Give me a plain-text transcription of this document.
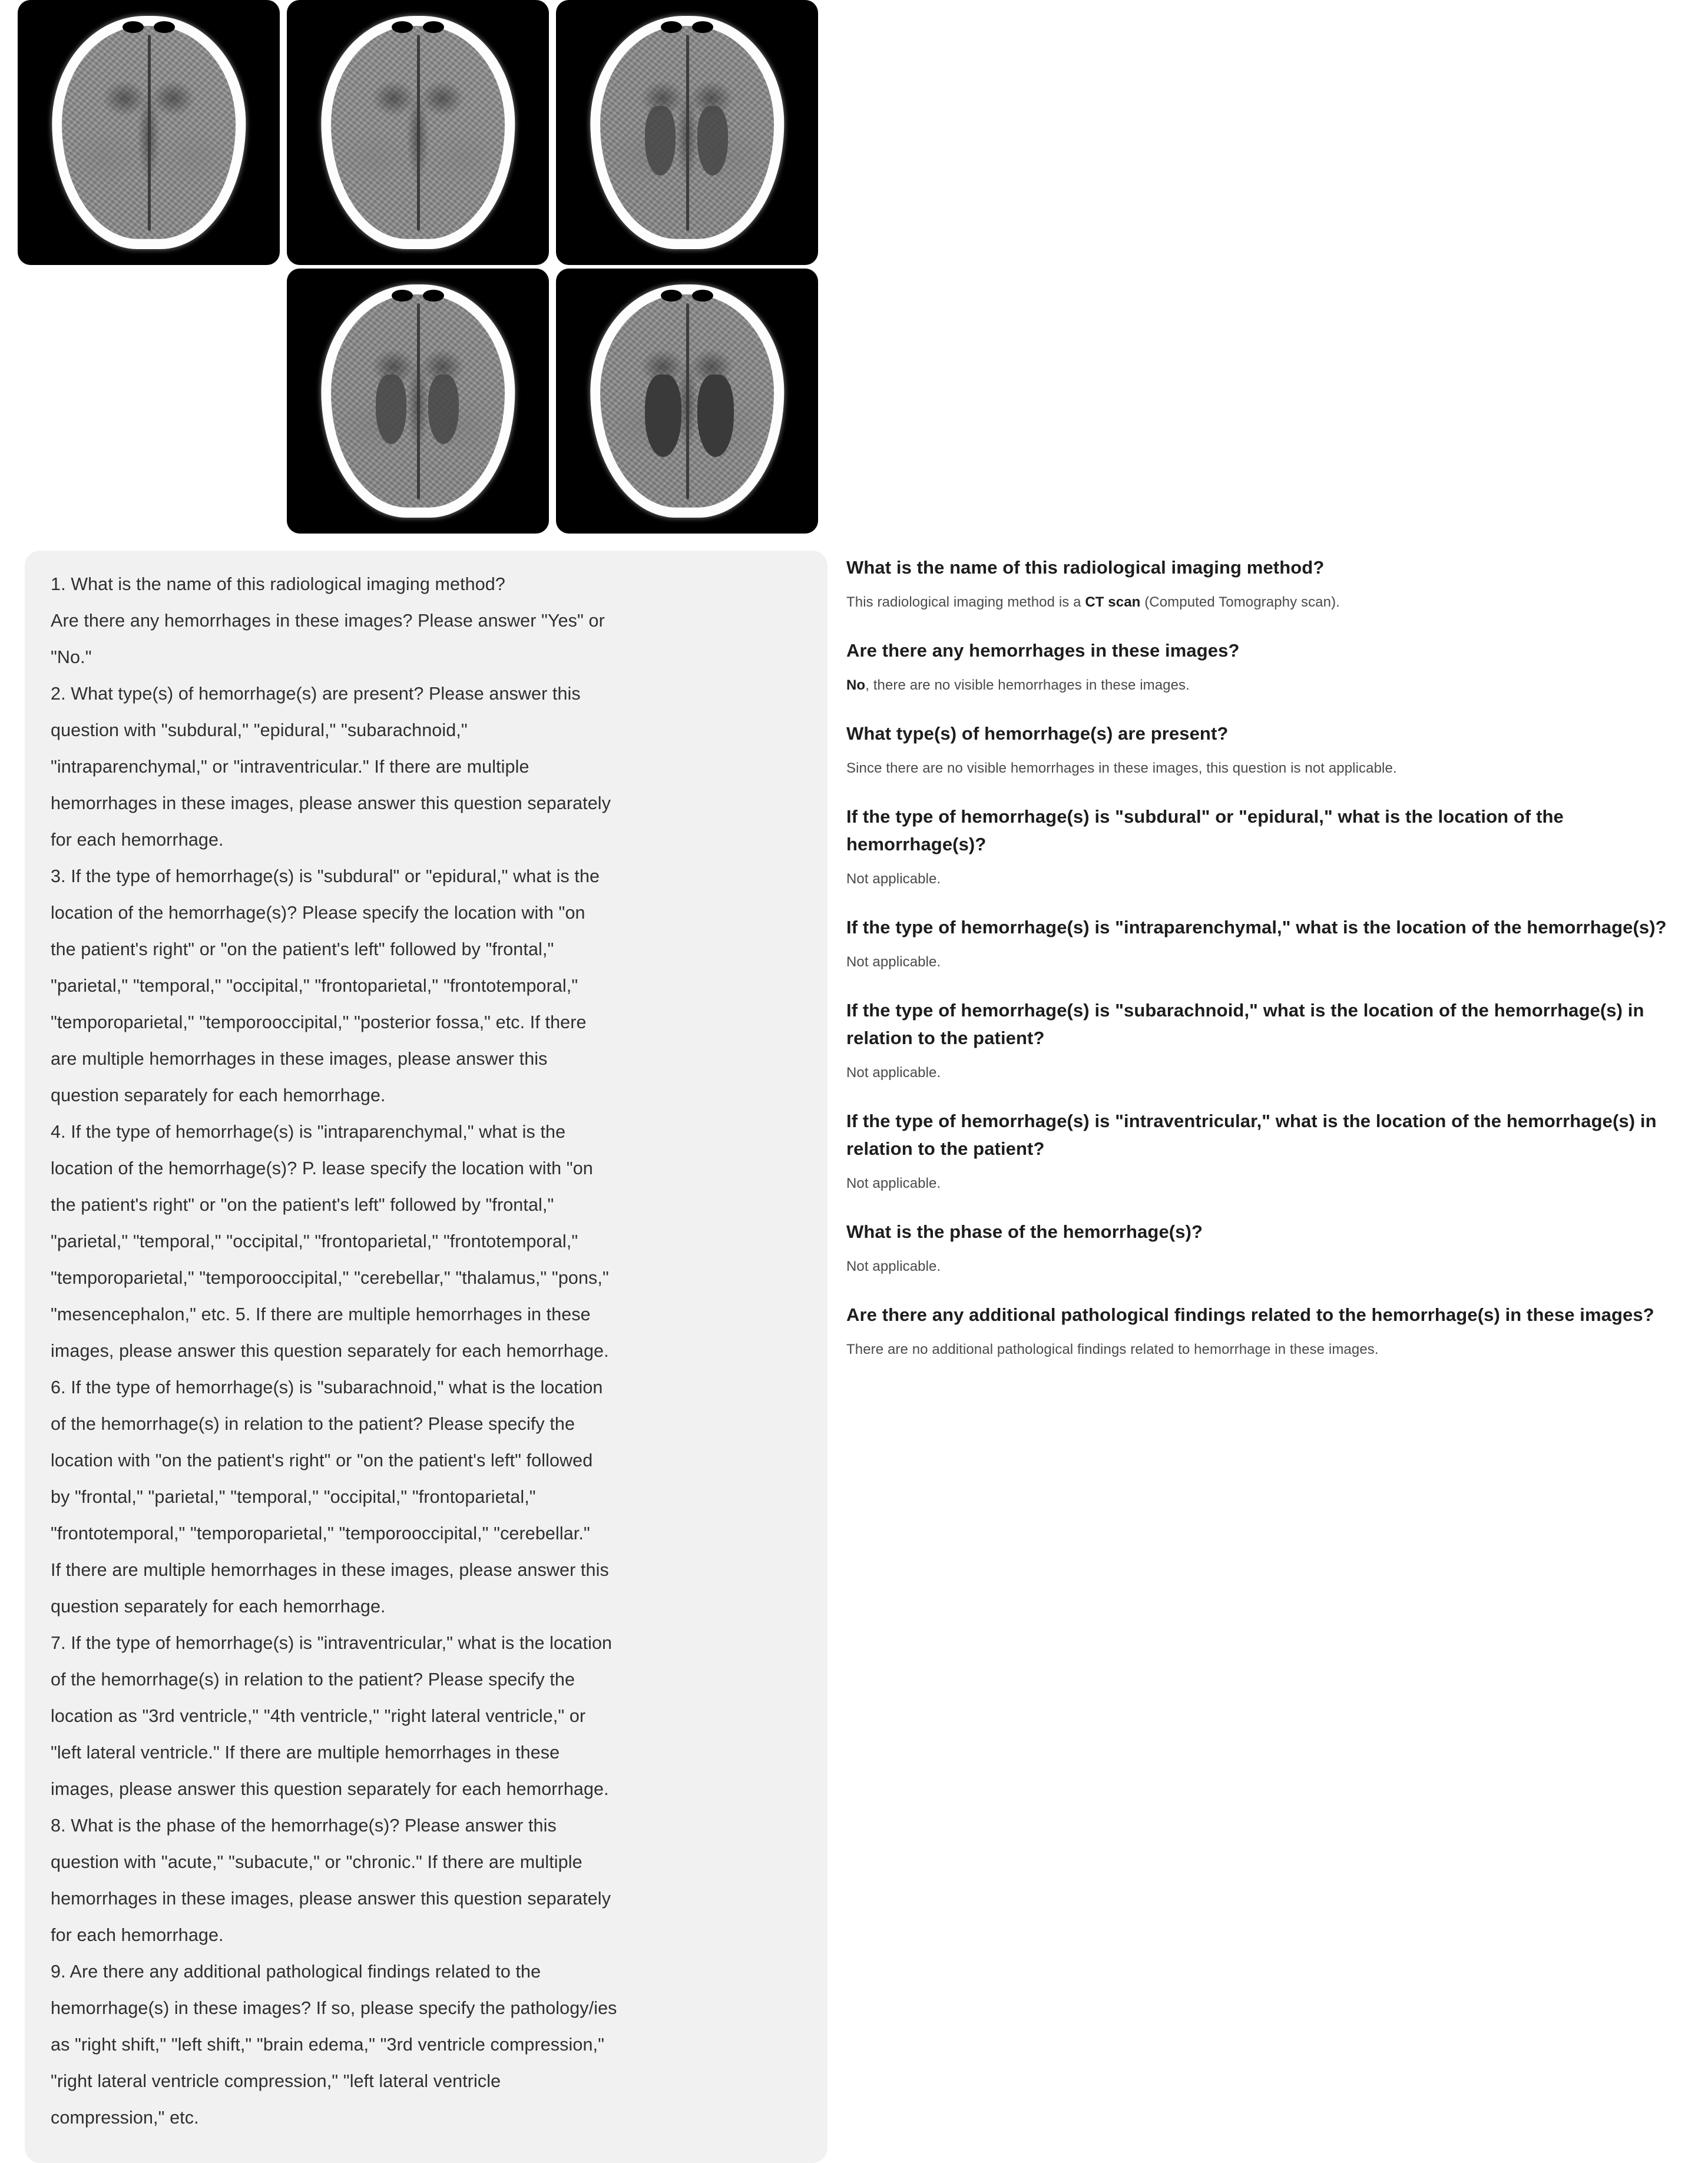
1. What is the name of this radiological imaging method?
Are there any hemorrhages in these images? Please answer "Yes" or
"No."
2. What type(s) of hemorrhage(s) are present? Please answer this
question with "subdural," "epidural," "subarachnoid,"
"intraparenchymal," or "intraventricular." If there are multiple
hemorrhages in these images, please answer this question separately
for each hemorrhage.
3. If the type of hemorrhage(s) is "subdural" or "epidural," what is the
location of the hemorrhage(s)? Please specify the location with "on
the patient's right" or "on the patient's left" followed by "frontal,"
"parietal," "temporal," "occipital," "frontoparietal," "frontotemporal,"
"temporoparietal," "temporooccipital," "posterior fossa," etc. If there
are multiple hemorrhages in these images, please answer this
question separately for each hemorrhage.
4. If the type of hemorrhage(s) is "intraparenchymal," what is the
location of the hemorrhage(s)? P. lease specify the location with "on
the patient's right" or "on the patient's left" followed by "frontal,"
"parietal," "temporal," "occipital," "frontoparietal," "frontotemporal,"
"temporoparietal," "temporooccipital," "cerebellar," "thalamus," "pons,"
"mesencephalon," etc. 5. If there are multiple hemorrhages in these
images, please answer this question separately for each hemorrhage.
6. If the type of hemorrhage(s) is "subarachnoid," what is the location
of the hemorrhage(s) in relation to the patient? Please specify the
location with "on the patient's right" or "on the patient's left" followed
by "frontal," "parietal," "temporal," "occipital," "frontoparietal,"
"frontotemporal," "temporoparietal," "temporooccipital," "cerebellar."
If there are multiple hemorrhages in these images, please answer this
question separately for each hemorrhage.
7. If the type of hemorrhage(s) is "intraventricular," what is the location
of the hemorrhage(s) in relation to the patient? Please specify the
location as "3rd ventricle," "4th ventricle," "right lateral ventricle," or
"left lateral ventricle." If there are multiple hemorrhages in these
images, please answer this question separately for each hemorrhage.
8. What is the phase of the hemorrhage(s)? Please answer this
question with "acute," "subacute," or "chronic." If there are multiple
hemorrhages in these images, please answer this question separately
for each hemorrhage.
9. Are there any additional pathological findings related to the
hemorrhage(s) in these images? If so, please specify the pathology/ies
as "right shift," "left shift," "brain edema," "3rd ventricle compression,"
"right lateral ventricle compression," "left lateral ventricle
compression," etc.
What is the name of this radiological imaging method?
This radiological imaging method is a CT scan (Computed Tomography scan).
Are there any hemorrhages in these images?
No, there are no visible hemorrhages in these images.
What type(s) of hemorrhage(s) are present?
Since there are no visible hemorrhages in these images, this question is not applicable.
If the type of hemorrhage(s) is "subdural" or "epidural," what is the location of the hemorrhage(s)?
Not applicable.
If the type of hemorrhage(s) is "intraparenchymal," what is the location of the hemorrhage(s)?
Not applicable.
If the type of hemorrhage(s) is "subarachnoid," what is the location of the hemorrhage(s) in relation to the patient?
Not applicable.
If the type of hemorrhage(s) is "intraventricular," what is the location of the hemorrhage(s) in relation to the patient?
Not applicable.
What is the phase of the hemorrhage(s)?
Not applicable.
Are there any additional pathological findings related to the hemorrhage(s) in these images?
There are no additional pathological findings related to hemorrhage in these images.
